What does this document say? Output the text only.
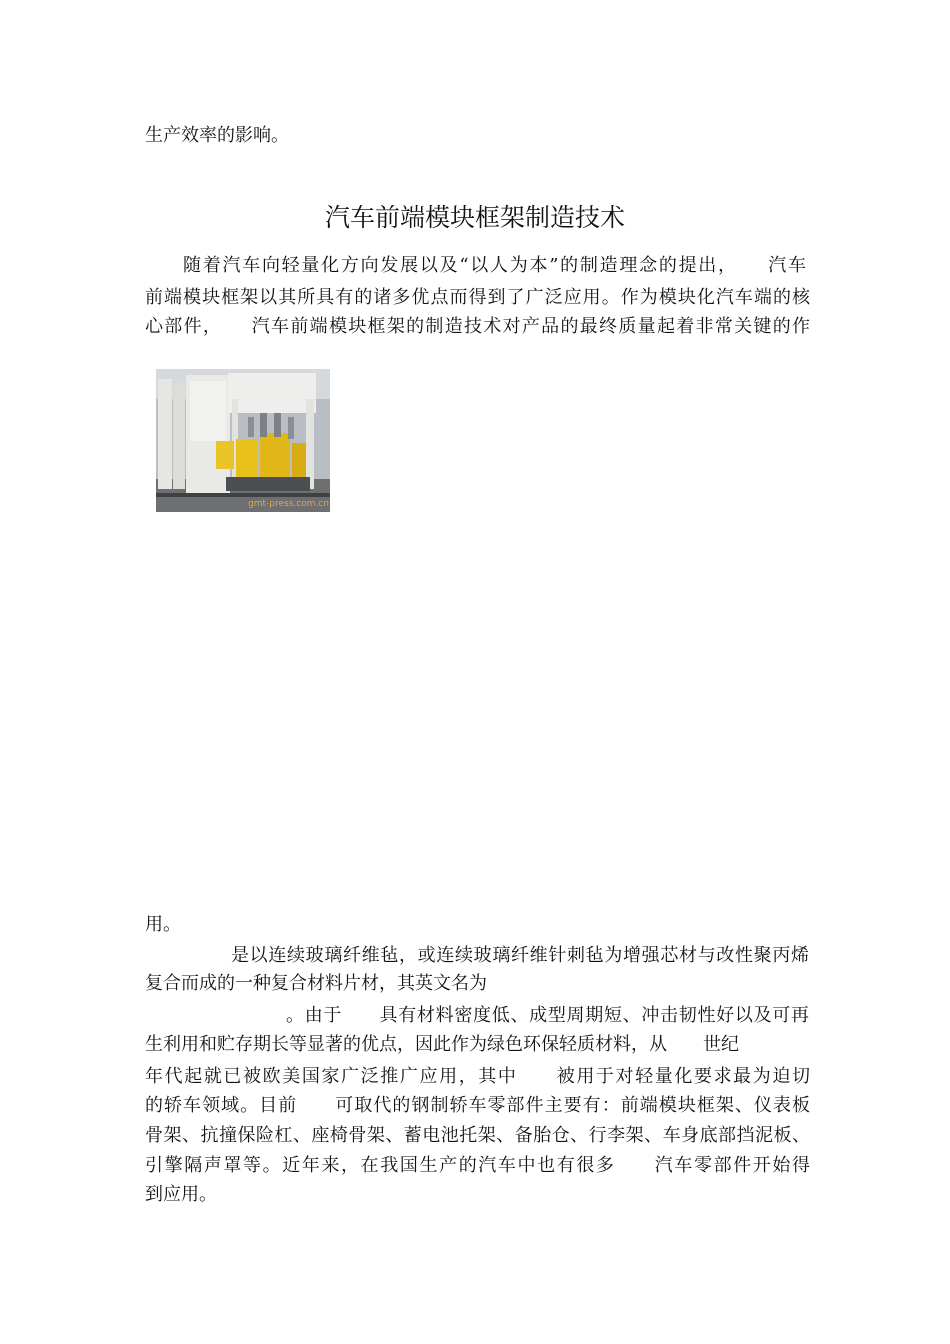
生产效率的影响。
汽车前端模块框架制造技术
随着汽车向轻量化方向发展以及“以人为本”的制造理念的提出，　　汽车
前端模块框架以其所具有的诸多优点而得到了广泛应用。作为模块化汽车端的核
心部件，　　汽车前端模块框架的制造技术对产品的最终质量起着非常关键的作
gmt-press.com.cn
用。
是以连续玻璃纤维毡，或连续玻璃纤维针刺毡为增强芯材与改性聚丙烯
复合而成的一种复合材料片材，其英文名为
。由于　　具有材料密度低、成型周期短、冲击韧性好以及可再
生利用和贮存期长等显著的优点，因此作为绿色环保轻质材料，从　　世纪
年代起就已被欧美国家广泛推广应用，其中　　被用于对轻量化要求最为迫切
的轿车领域。目前　　可取代的钢制轿车零部件主要有：前端模块框架、仪表板
骨架、抗撞保险杠、座椅骨架、蓄电池托架、备胎仓、行李架、车身底部挡泥板、
引擎隔声罩等。近年来，在我国生产的汽车中也有很多　　汽车零部件开始得
到应用。
